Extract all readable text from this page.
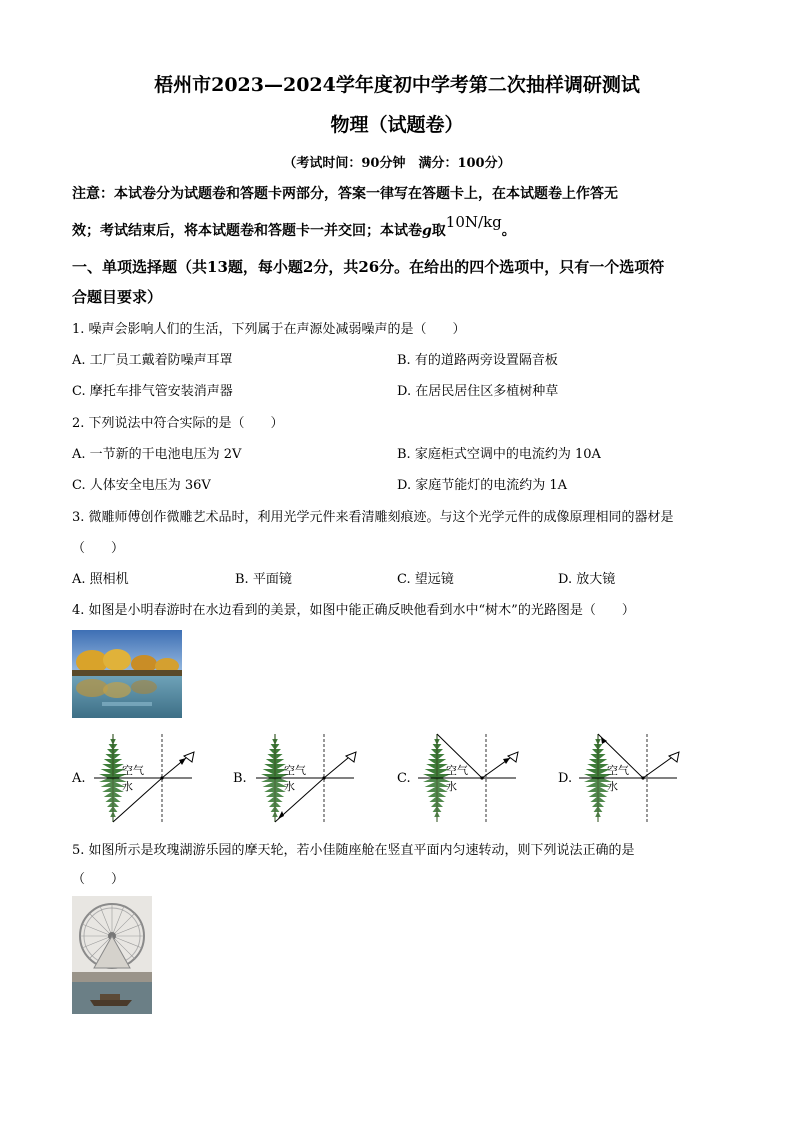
梧州市2023—2024学年度初中学考第二次抽样调研测试
物理（试题卷）
（考试时间：90分钟　满分：100分）
注意：本试卷分为试题卷和答题卡两部分，答案一律写在答题卡上，在本试题卷上作答无
效；考试结束后，将本试题卷和答题卡一并交回；本试卷g取10N/kg。
一、单项选择题（共13题，每小题2分，共26分。在给出的四个选项中，只有一个选项符
合题目要求）
1. 噪声会影响人们的生活，下列属于在声源处减弱噪声的是（　　）
A. 工厂员工戴着防噪声耳罩	B. 有的道路两旁设置隔音板
C. 摩托车排气管安装消声器	D. 在居民居住区多植树种草
2. 下列说法中符合实际的是（　　）
A. 一节新的干电池电压为 2V	B. 家庭柜式空调中的电流约为 10A
C. 人体安全电压为 36V	D. 家庭节能灯的电流约为 1A
3. 微雕师傅创作微雕艺术品时，利用光学元件来看清雕刻痕迹。与这个光学元件的成像原理相同的器材是
（　　）
A. 照相机	B. 平面镜	C. 望远镜	D. 放大镜
4. 如图是小明春游时在水边看到的美景，如图中能正确反映他看到水中“树木”的光路图是（　　）
A.	B.	C.	D.
空气
水
空气
水
空气
水
空气
水
5. 如图所示是玫瑰湖游乐园的摩天轮，若小佳随座舱在竖直平面内匀速转动，则下列说法正确的是
（　　）
